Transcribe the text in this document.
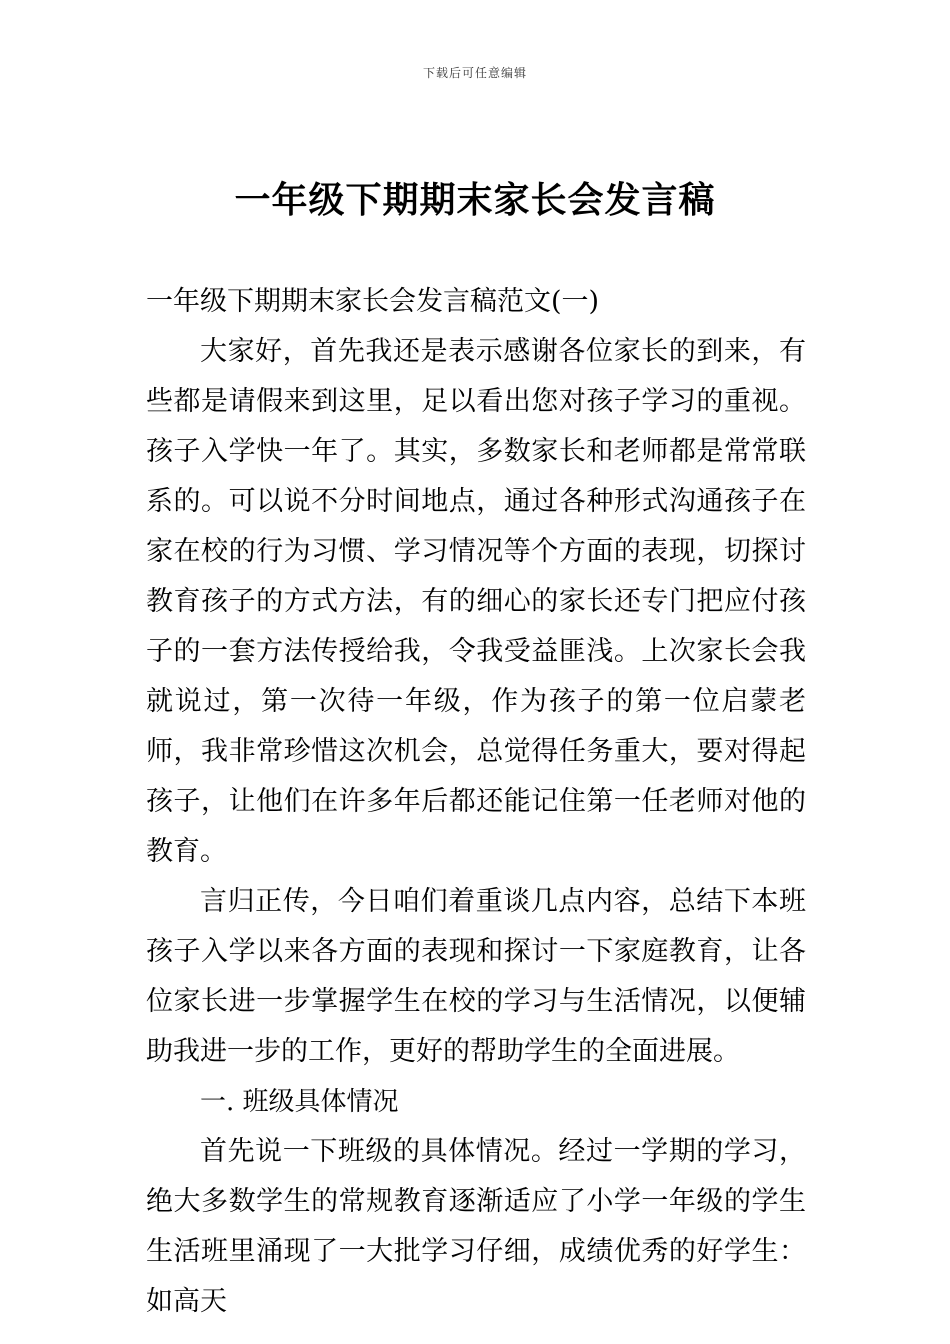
下载后可任意编辑
一年级下期期末家长会发言稿

一年级下期期末家长会发言稿范文(一)

大家好，首先我还是表示感谢各位家长的到来，有些都是请假来到这里，足以看出您对孩子学习的重视。孩子入学快一年了。其实，多数家长和老师都是常常联系的。可以说不分时间地点，通过各种形式沟通孩子在家在校的行为习惯、学习情况等个方面的表现，切探讨教育孩子的方式方法，有的细心的家长还专门把应付孩子的一套方法传授给我，令我受益匪浅。上次家长会我就说过，第一次待一年级，作为孩子的第一位启蒙老师，我非常珍惜这次机会，总觉得任务重大，要对得起孩子，让他们在许多年后都还能记住第一任老师对他的教育。

言归正传，今日咱们着重谈几点内容，总结下本班孩子入学以来各方面的表现和探讨一下家庭教育，让各位家长进一步掌握学生在校的学习与生活情况，以便辅助我进一步的工作，更好的帮助学生的全面进展。

一. 班级具体情况

首先说一下班级的具体情况。经过一学期的学习，绝大多数学生的常规教育逐渐适应了小学一年级的学生生活班里涌现了一大批学习仔细，成绩优秀的好学生：如高天
